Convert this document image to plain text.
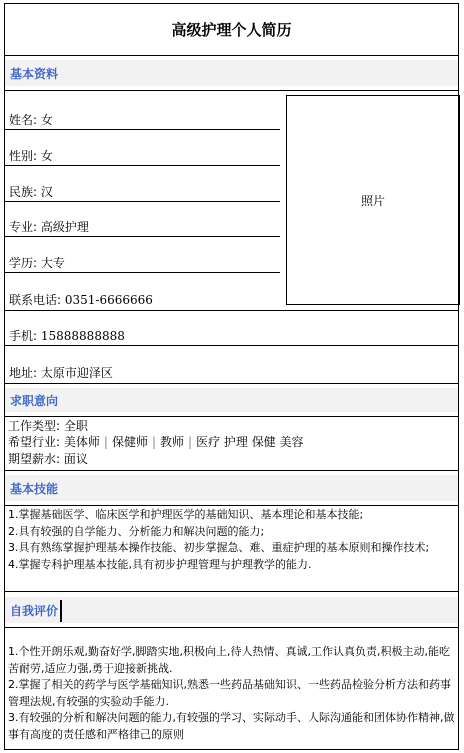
高级护理个人简历
基本资料
姓名: 女
性别: 女
民族: 汉
专业: 高级护理
学历: 大专
联系电话: 0351-6666666
照片
手机: 15888888888
地址: 太原市迎泽区
求职意向
工作类型: 全职
希望行业: 美体师 | 保健师 | 教师 | 医疗 护理 保健 美容
期望薪水: 面议
基本技能
1.掌握基础医学、临床医学和护理医学的基础知识、基本理论和基本技能;
2.具有较强的自学能力、分析能力和解决问题的能力;
3.具有熟练掌握护理基本操作技能、初步掌握急、难、重症护理的基本原则和操作技术;
4.掌握专科护理基本技能,具有初步护理管理与护理教学的能力.
自我评价
1.个性开朗乐观,勤奋好学,脚踏实地,积极向上,待人热情、真诚,工作认真负责,积极主动,能吃苦耐劳,适应力强,勇于迎接新挑战.
2.掌握了相关的药学与医学基础知识,熟悉一些药品基础知识、一些药品检验分析方法和药事管理法规,有较强的实验动手能力.
3.有较强的分析和解决问题的能力,有较强的学习、实际动手、人际沟通能和团体协作精神,做事有高度的责任感和严格律己的原则
